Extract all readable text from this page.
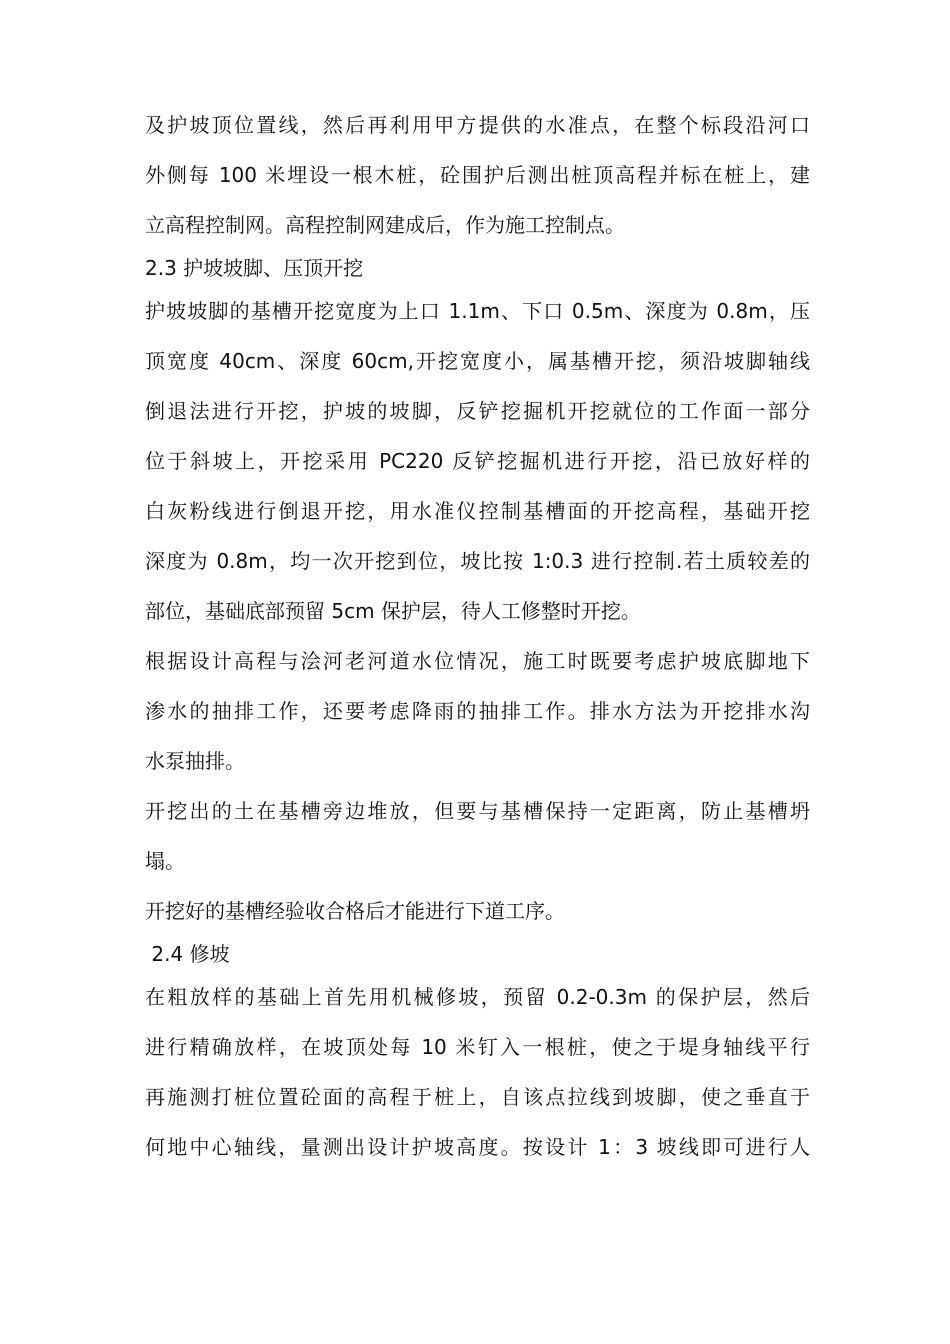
及护坡顶位置线，然后再利用甲方提供的水准点，在整个标段沿河口
外侧每 100 米埋设一根木桩，砼围护后测出桩顶高程并标在桩上，建
立高程控制网。高程控制网建成后，作为施工控制点。
2.3 护坡坡脚、压顶开挖
护坡坡脚的基槽开挖宽度为上口 1.1m、下口 0.5m、深度为 0.8m，压
顶宽度 40cm、深度 60cm,开挖宽度小，属基槽开挖，须沿坡脚轴线
倒退法进行开挖，护坡的坡脚，反铲挖掘机开挖就位的工作面一部分
位于斜坡上，开挖采用 PC220 反铲挖掘机进行开挖，沿已放好样的
白灰粉线进行倒退开挖，用水准仪控制基槽面的开挖高程，基础开挖
深度为 0.8m，均一次开挖到位，坡比按 1:0.3 进行控制.若土质较差的
部位，基础底部预留 5cm 保护层，待人工修整时开挖。
根据设计高程与浍河老河道水位情况，施工时既要考虑护坡底脚地下
渗水的抽排工作，还要考虑降雨的抽排工作。排水方法为开挖排水沟
水泵抽排。
开挖出的土在基槽旁边堆放，但要与基槽保持一定距离，防止基槽坍
塌。
开挖好的基槽经验收合格后才能进行下道工序。
2.4 修坡
在粗放样的基础上首先用机械修坡，预留 0.2-0.3m 的保护层，然后
进行精确放样，在坡顶处每 10 米钉入一根桩，使之于堤身轴线平行
再施测打桩位置砼面的高程于桩上，自该点拉线到坡脚，使之垂直于
何地中心轴线，量测出设计护坡高度。按设计 1：3 坡线即可进行人
